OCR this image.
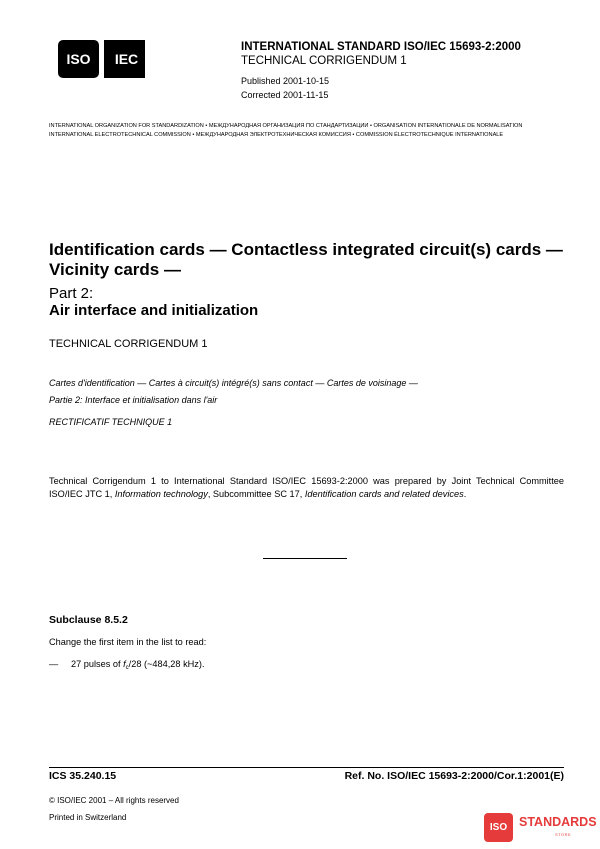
ISO IEC
INTERNATIONAL STANDARD ISO/IEC 15693-2:2000
TECHNICAL CORRIGENDUM 1
Published 2001-10-15
Corrected 2001-11-15
INTERNATIONAL ORGANIZATION FOR STANDARDIZATION • МЕЖДУНАРОДНАЯ ОРГАНИЗАЦИЯ ПО СТАНДАРТИЗАЦИИ • ORGANISATION INTERNATIONALE DE NORMALISATION
INTERNATIONAL ELECTROTECHNICAL COMMISSION • МЕЖДУНАРОДНАЯ ЭЛЕКТРОТЕХНИЧЕСКАЯ КОМИССИЯ • COMMISSION ÉLECTROTECHNIQUE INTERNATIONALE
Identification cards — Contactless integrated circuit(s) cards —
Vicinity cards —
Part 2:
Air interface and initialization
TECHNICAL CORRIGENDUM 1
Cartes d'identification — Cartes à circuit(s) intégré(s) sans contact — Cartes de voisinage —
Partie 2: Interface et initialisation dans l'air
RECTIFICATIF TECHNIQUE 1
Technical Corrigendum 1 to International Standard ISO/IEC 15693-2:2000 was prepared by Joint Technical Committee ISO/IEC JTC 1, Information technology, Subcommittee SC 17, Identification cards and related devices.
Subclause 8.5.2
Change the first item in the list to read:
— 27 pulses of $f_c/28$ (~484,28 kHz).
ICS 35.240.15	Ref. No. ISO/IEC 15693-2:2000/Cor.1:2001(E)
© ISO/IEC 2001 – All rights reserved
Printed in Switzerland
ISO STANDARDS
STORE
